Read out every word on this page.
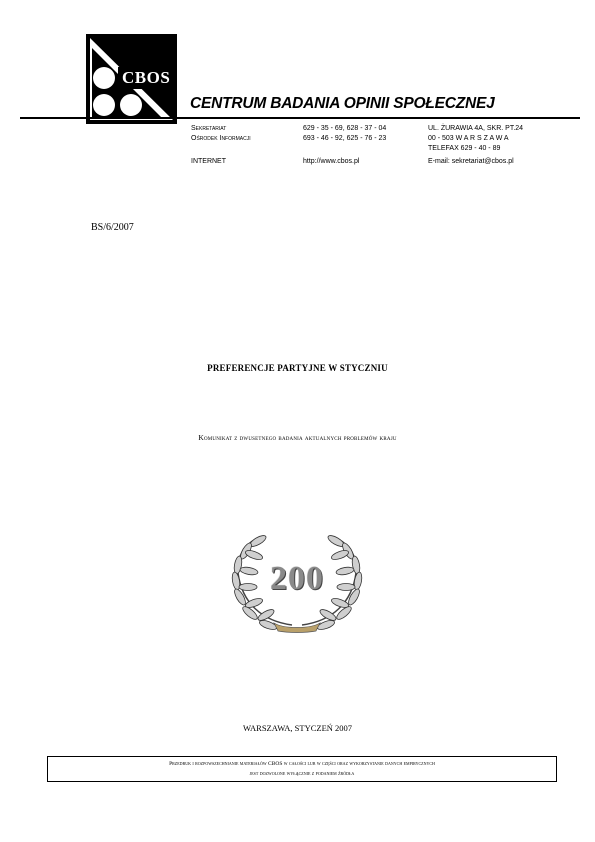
CBOS
CENTRUM BADANIA OPINII SPOŁECZNEJ
Sekretariat	629 - 35 - 69, 628 - 37 - 04	UL. ŻURAWIA 4A, SKR. PT.24
Ośrodek Informacji	693 - 46 - 92, 625 - 76 - 23	00 - 503 W A R S Z A W A
TELEFAX 629 - 40 - 89
INTERNET	http://www.cbos.pl	E-mail: sekretariat@cbos.pl
BS/6/2007
PREFERENCJE PARTYJNE W STYCZNIU
Komunikat z dwusetnego badania aktualnych problemów kraju
200
WARSZAWA, STYCZEŃ 2007
Przedruk i rozpowszechnianie materiałów CBOS w całości lub w części oraz wykorzystanie danych empirycznych
jest dozwolone wyłącznie z podaniem źródła
